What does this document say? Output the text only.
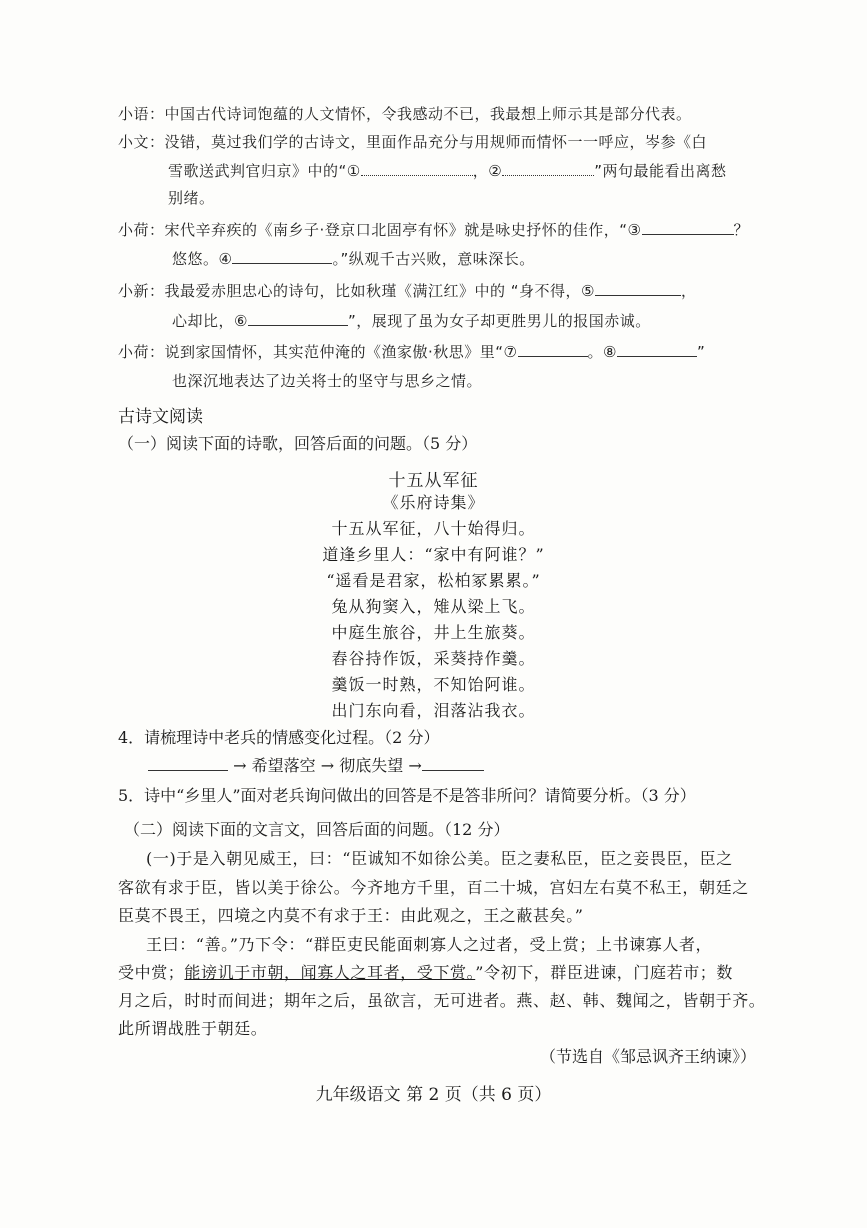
小语：中国古代诗词饱蕴的人文情怀，令我感动不已，我最想上师示其是部分代表。
小文：没错，莫过我们学的古诗文，里面作品充分与用规师而情怀一一呼应，岑参《白
雪歌送武判官归京》中的“①	，②	”两句最能看出离愁
别绪。
小荷：宋代辛弃疾的《南乡子·登京口北固亭有怀》就是咏史抒怀的佳作，“③	？
悠悠。④	。”纵观千古兴败，意味深长。
小新：我最爱赤胆忠心的诗句，比如秋瑾《满江红》中的 “身不得，⑤	，
心却比，⑥	”，展现了虽为女子却更胜男儿的报国赤诚。
小荷：说到家国情怀，其实范仲淹的《渔家傲·秋思》里“⑦	。⑧	”
也深沉地表达了边关将士的坚守与思乡之情。
古诗文阅读
（一）阅读下面的诗歌，回答后面的问题。（5 分）
十五从军征
《乐府诗集》
十五从军征，八十始得归。
道逢乡里人：“家中有阿谁？”
“遥看是君家，松柏冢累累。”
兔从狗窦入，雉从梁上飞。
中庭生旅谷，井上生旅葵。
舂谷持作饭，采葵持作羹。
羹饭一时熟，不知饴阿谁。
出门东向看，泪落沾我衣。
4．请梳理诗中老兵的情感变化过程。（2 分）
→ 希望落空 → 彻底失望 →
5．诗中“乡里人”面对老兵询问做出的回答是不是答非所问？请简要分析。（3 分）
（二）阅读下面的文言文，回答后面的问题。（12 分）
(一)于是入朝见威王，曰：“臣诚知不如徐公美。臣之妻私臣，臣之妾畏臣，臣之
客欲有求于臣，皆以美于徐公。今齐地方千里，百二十城，宫妇左右莫不私王，朝廷之
臣莫不畏王，四境之内莫不有求于王：由此观之，王之蔽甚矣。”
王曰：“善。”乃下令：“群臣吏民能面刺寡人之过者，受上赏；上书谏寡人者，
受中赏；能谤讥于市朝，闻寡人之耳者，受下赏。”令初下，群臣进谏，门庭若市；数
月之后，时时而间进；期年之后，虽欲言，无可进者。燕、赵、韩、魏闻之，皆朝于齐。
此所谓战胜于朝廷。
（节选自《邹忌讽齐王纳谏》）
九年级语文 第 2 页（共 6 页）
